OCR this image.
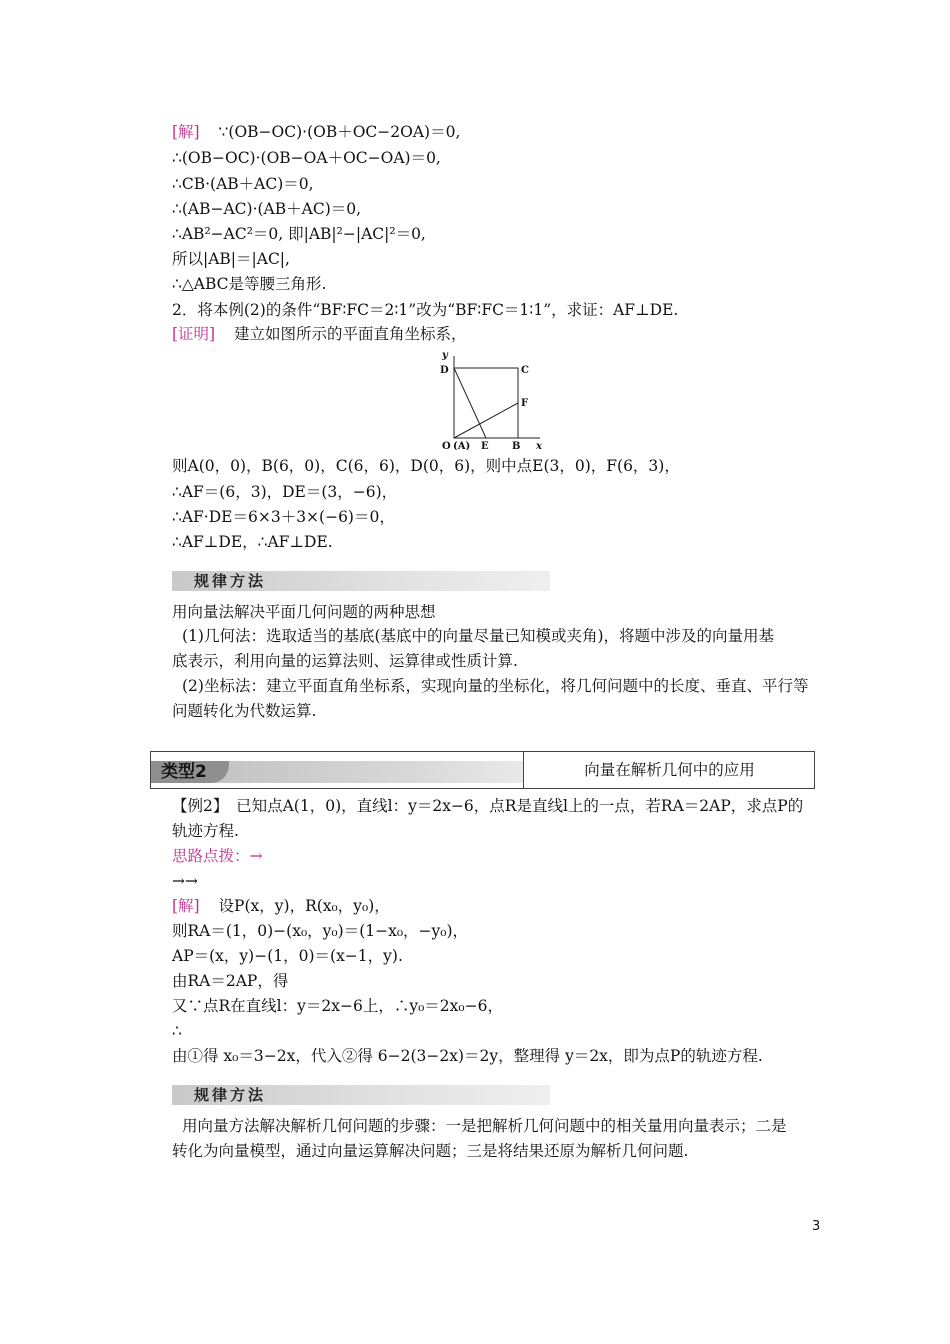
[解] ∵(OB−OC)·(OB＋OC−2OA)＝0,
∴(OB−OC)·(OB−OA＋OC−OA)＝0,
∴CB·(AB＋AC)＝0,
∴(AB−AC)·(AB＋AC)＝0,
∴AB²−AC²＝0, 即|AB|²−|AC|²＝0,
所以|AB|＝|AC|,
∴△ABC是等腰三角形.
2．将本例(2)的条件“BF∶FC＝2∶1”改为“BF∶FC＝1∶1”，求证：AF⊥DE.
[证明] 建立如图所示的平面直角坐标系，
y
D	C
F
O (A) E B x
则A(0，0)，B(6，0)，C(6，6)，D(0，6)，则中点E(3，0)，F(6，3)，
∴AF＝(6，3)，DE＝(3，−6)，
∴AF·DE＝6×3＋3×(−6)＝0，
∴AF⊥DE，∴AF⊥DE.
规律方法
用向量法解决平面几何问题的两种思想
(1)几何法：选取适当的基底(基底中的向量尽量已知模或夹角)，将题中涉及的向量用基
底表示，利用向量的运算法则、运算律或性质计算.
(2)坐标法：建立平面直角坐标系，实现向量的坐标化，将几何问题中的长度、垂直、平行等
问题转化为代数运算.
类型2	向量在解析几何中的应用
【例2】　已知点A(1，0)，直线l：y＝2x−6，点R是直线l上的一点，若RA＝2AP，求点P的
轨迹方程.
思路点拨：→
→→
[解] 设P(x，y)，R(x₀，y₀)，
则RA＝(1，0)−(x₀，y₀)＝(1−x₀，−y₀)，
AP＝(x，y)−(1，0)＝(x−1，y).
由RA＝2AP，得
又∵点R在直线l：y＝2x−6上，∴y₀＝2x₀−6，
∴
由①得 x₀＝3−2x，代入②得 6−2(3−2x)＝2y，整理得 y＝2x，即为点P的轨迹方程.
规律方法
用向量方法解决解析几何问题的步骤：一是把解析几何问题中的相关量用向量表示；二是
转化为向量模型，通过向量运算解决问题；三是将结果还原为解析几何问题.
3
